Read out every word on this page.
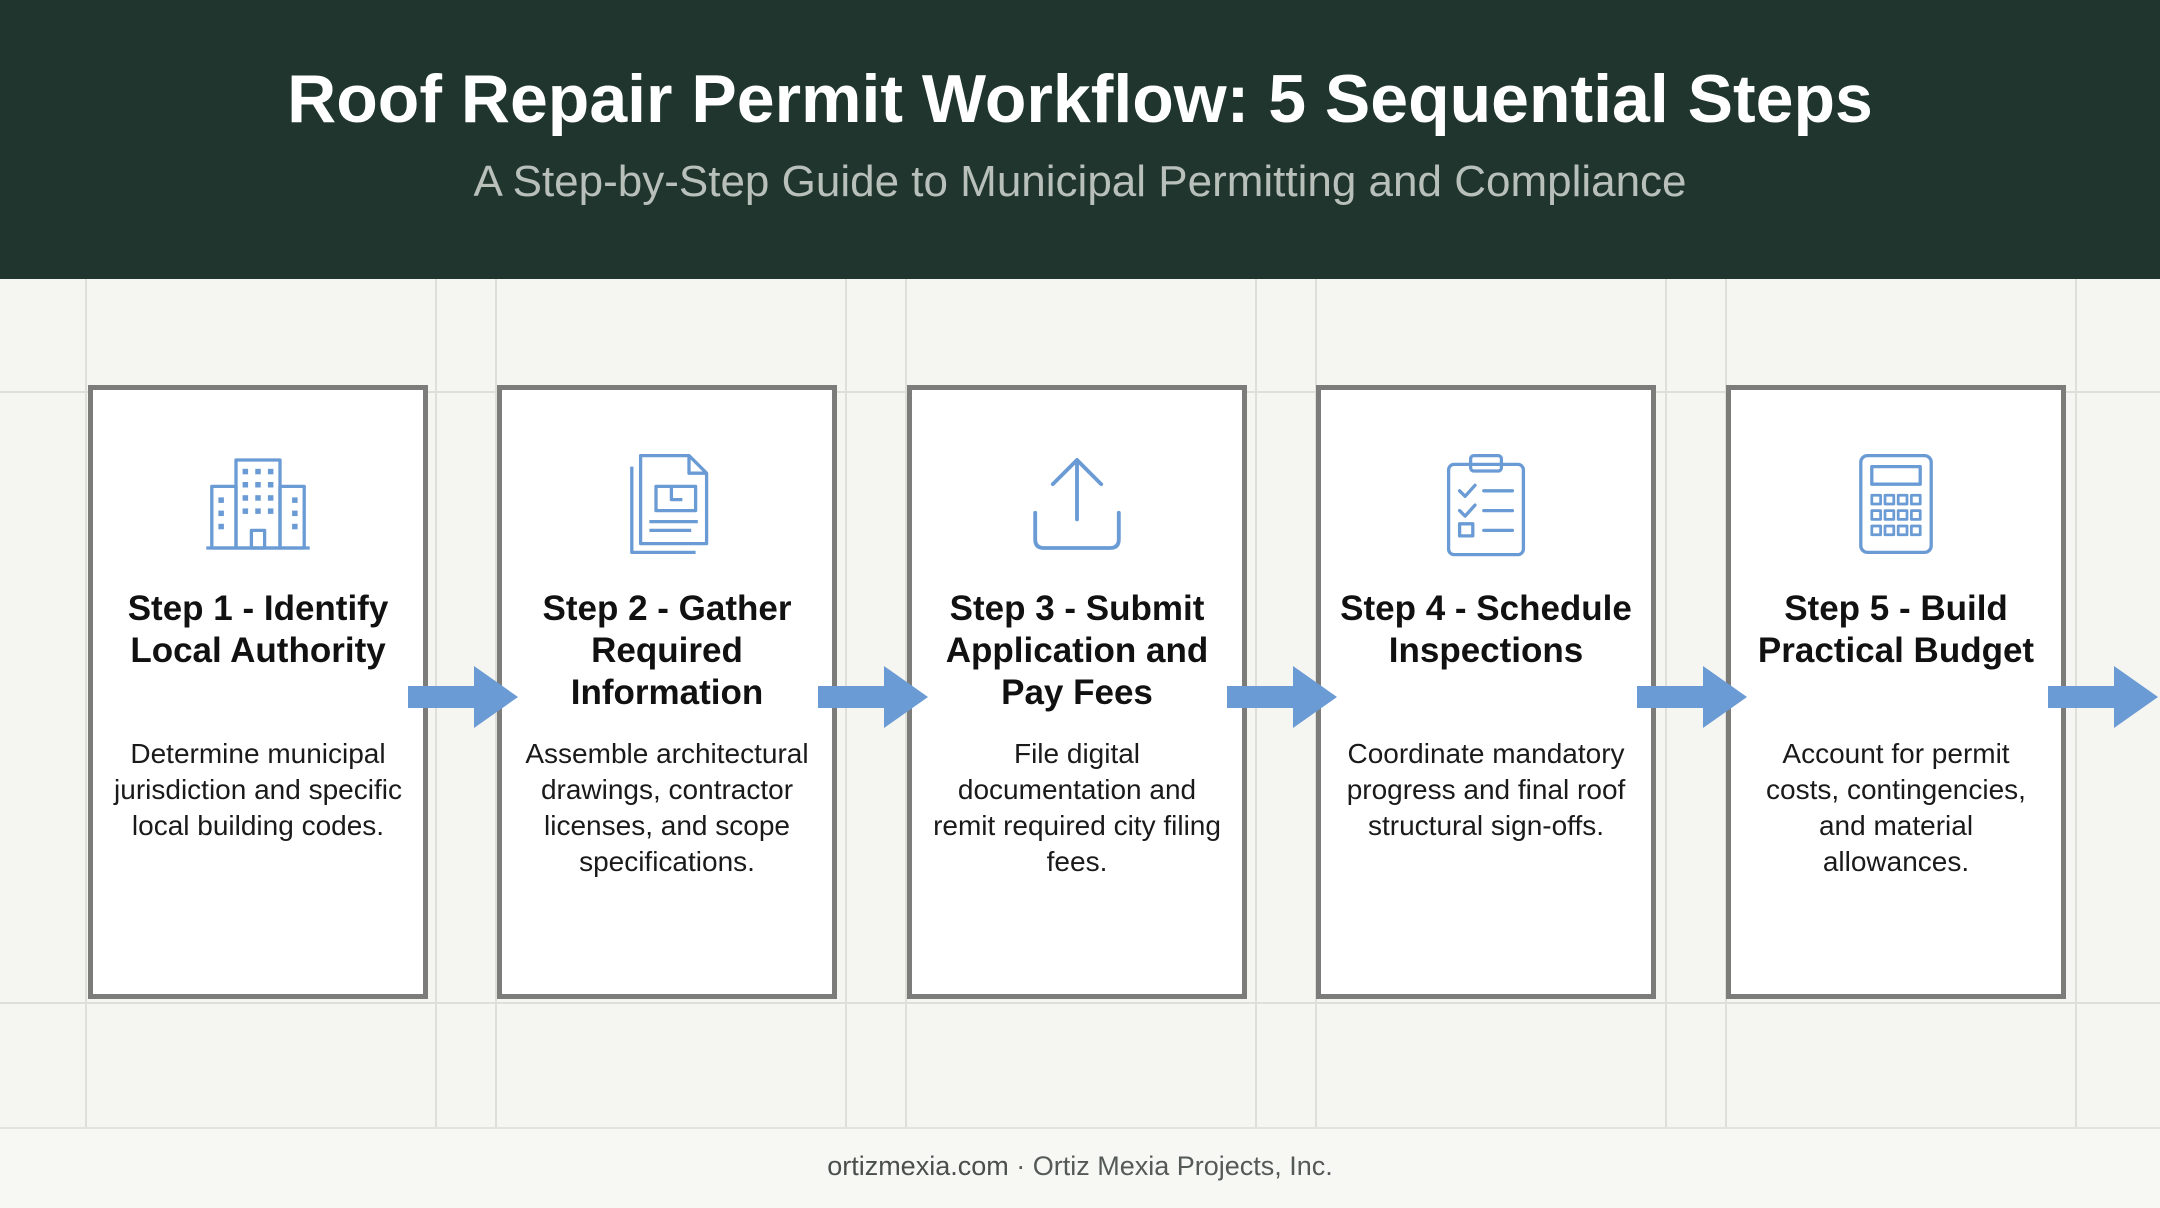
Roof Repair Permit Workflow: 5 Sequential Steps

A Step-by-Step Guide to Municipal Permitting and Compliance

Step 1 - Identify Local Authority
Determine municipal jurisdiction and specific local building codes.
Step 2 - Gather Required Information
Assemble architectural drawings, contractor licenses, and scope specifications.
Step 3 - Submit Application and Pay Fees
File digital documentation and remit required city filing fees.
Step 4 - Schedule Inspections
Coordinate mandatory progress and final roof structural sign-offs.
Step 5 - Build Practical Budget
Account for permit costs, contingencies, and material allowances.
ortizmexia.com · Ortiz Mexia Projects, Inc.
